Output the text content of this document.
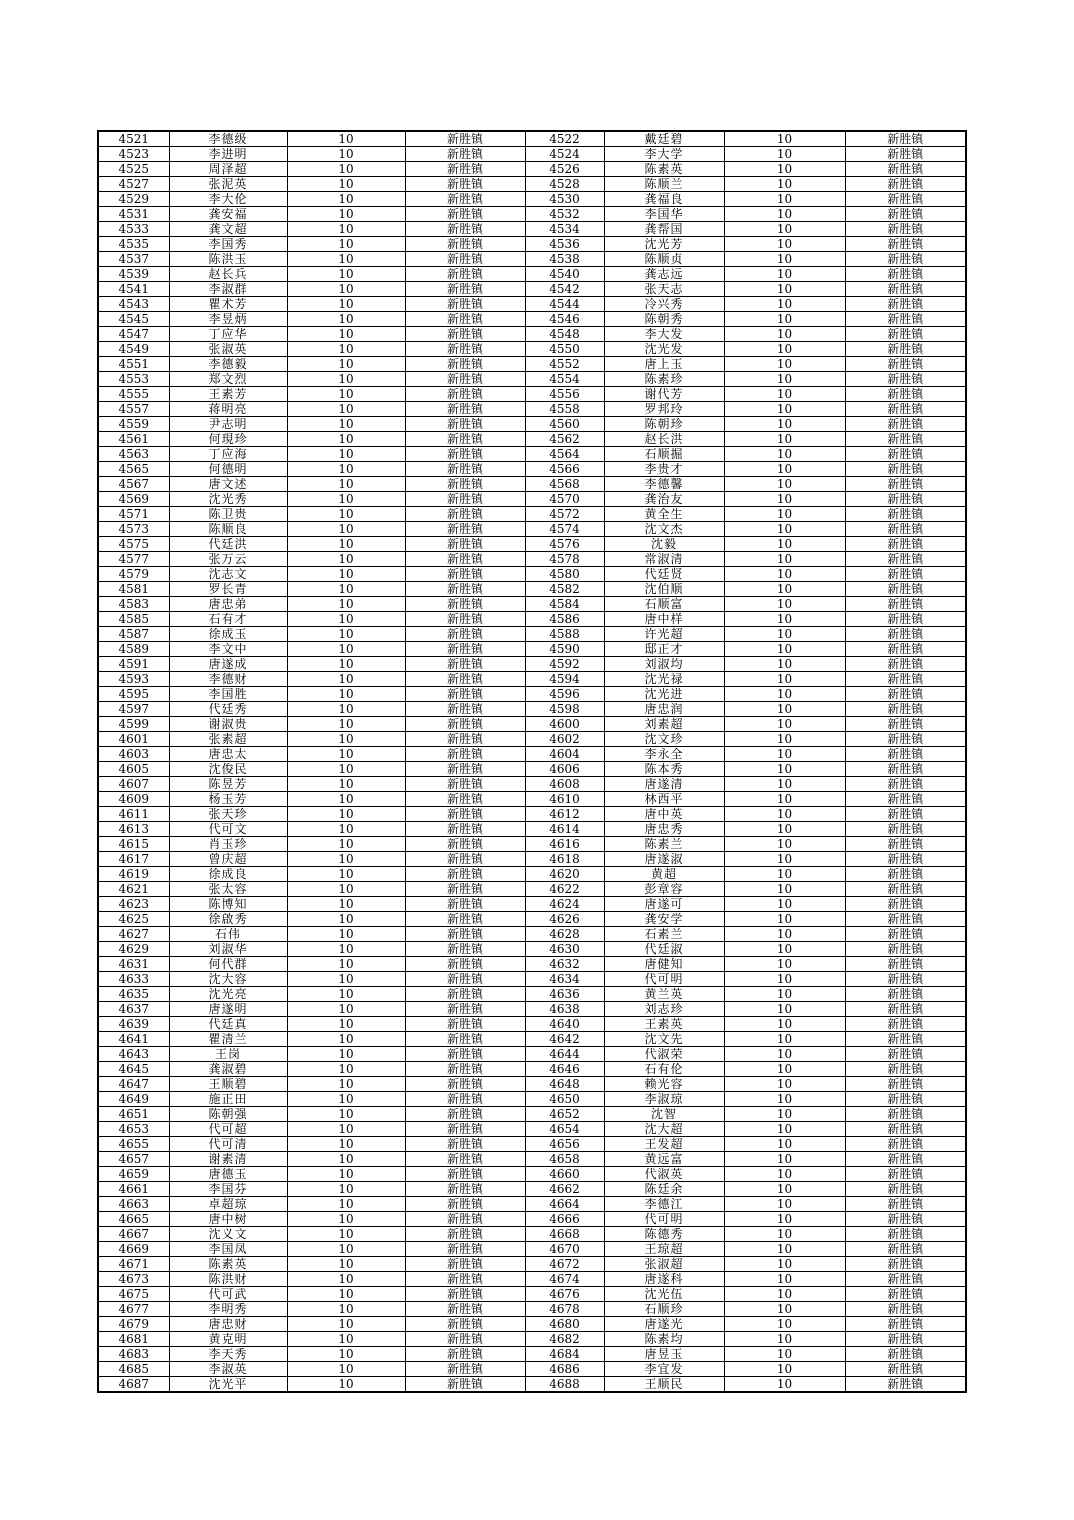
4521	李德级	10	新胜镇	4522	戴廷碧	10	新胜镇
4523	李进明	10	新胜镇	4524	李大学	10	新胜镇
4525	周泽超	10	新胜镇	4526	陈素英	10	新胜镇
4527	张泥英	10	新胜镇	4528	陈顺兰	10	新胜镇
4529	李大伦	10	新胜镇	4530	龚福良	10	新胜镇
4531	龚安福	10	新胜镇	4532	李国华	10	新胜镇
4533	龚文超	10	新胜镇	4534	龚帮国	10	新胜镇
4535	李国秀	10	新胜镇	4536	沈光芳	10	新胜镇
4537	陈洪玉	10	新胜镇	4538	陈顺贞	10	新胜镇
4539	赵长兵	10	新胜镇	4540	龚志远	10	新胜镇
4541	李淑群	10	新胜镇	4542	张天志	10	新胜镇
4543	瞿术芳	10	新胜镇	4544	冷兴秀	10	新胜镇
4545	李昱炳	10	新胜镇	4546	陈朝秀	10	新胜镇
4547	丁应华	10	新胜镇	4548	李大发	10	新胜镇
4549	张淑英	10	新胜镇	4550	沈光发	10	新胜镇
4551	李德毅	10	新胜镇	4552	唐上玉	10	新胜镇
4553	郑文烈	10	新胜镇	4554	陈素珍	10	新胜镇
4555	王素芳	10	新胜镇	4556	谢代芳	10	新胜镇
4557	蒋明亮	10	新胜镇	4558	罗邦玲	10	新胜镇
4559	尹志明	10	新胜镇	4560	陈朝珍	10	新胜镇
4561	何現珍	10	新胜镇	4562	赵长洪	10	新胜镇
4563	丁应海	10	新胜镇	4564	石顺掘	10	新胜镇
4565	何德明	10	新胜镇	4566	李贵才	10	新胜镇
4567	唐文述	10	新胜镇	4568	李德馨	10	新胜镇
4569	沈光秀	10	新胜镇	4570	龚治友	10	新胜镇
4571	陈卫贵	10	新胜镇	4572	黄全生	10	新胜镇
4573	陈顺良	10	新胜镇	4574	沈文杰	10	新胜镇
4575	代廷洪	10	新胜镇	4576	沈毅	10	新胜镇
4577	张万云	10	新胜镇	4578	常淑清	10	新胜镇
4579	沈志文	10	新胜镇	4580	代廷贤	10	新胜镇
4581	罗长青	10	新胜镇	4582	沈伯顺	10	新胜镇
4583	唐忠弟	10	新胜镇	4584	石顺富	10	新胜镇
4585	石有才	10	新胜镇	4586	唐中样	10	新胜镇
4587	徐成玉	10	新胜镇	4588	许光超	10	新胜镇
4589	李文中	10	新胜镇	4590	邸正才	10	新胜镇
4591	唐遂成	10	新胜镇	4592	刘淑均	10	新胜镇
4593	李德财	10	新胜镇	4594	沈光禄	10	新胜镇
4595	李国胜	10	新胜镇	4596	沈光进	10	新胜镇
4597	代廷秀	10	新胜镇	4598	唐忠润	10	新胜镇
4599	谢淑贵	10	新胜镇	4600	刘素超	10	新胜镇
4601	张素超	10	新胜镇	4602	沈文珍	10	新胜镇
4603	唐忠太	10	新胜镇	4604	李永全	10	新胜镇
4605	沈俊民	10	新胜镇	4606	陈本秀	10	新胜镇
4607	陈昱芳	10	新胜镇	4608	唐遂清	10	新胜镇
4609	杨玉芳	10	新胜镇	4610	林西平	10	新胜镇
4611	张天珍	10	新胜镇	4612	唐中英	10	新胜镇
4613	代可文	10	新胜镇	4614	唐忠秀	10	新胜镇
4615	肖玉珍	10	新胜镇	4616	陈素兰	10	新胜镇
4617	曾庆超	10	新胜镇	4618	唐遂淑	10	新胜镇
4619	徐成良	10	新胜镇	4620	黄超	10	新胜镇
4621	张太容	10	新胜镇	4622	彭章容	10	新胜镇
4623	陈博知	10	新胜镇	4624	唐遂可	10	新胜镇
4625	徐啟秀	10	新胜镇	4626	龚安学	10	新胜镇
4627	石伟	10	新胜镇	4628	石素兰	10	新胜镇
4629	刘淑华	10	新胜镇	4630	代廷淑	10	新胜镇
4631	何代群	10	新胜镇	4632	唐健知	10	新胜镇
4633	沈大容	10	新胜镇	4634	代可明	10	新胜镇
4635	沈光亮	10	新胜镇	4636	黄兰英	10	新胜镇
4637	唐遂明	10	新胜镇	4638	刘志珍	10	新胜镇
4639	代廷真	10	新胜镇	4640	王素英	10	新胜镇
4641	瞿清兰	10	新胜镇	4642	沈文先	10	新胜镇
4643	王岗	10	新胜镇	4644	代淑荣	10	新胜镇
4645	龚淑碧	10	新胜镇	4646	石有伦	10	新胜镇
4647	王顺碧	10	新胜镇	4648	赖光容	10	新胜镇
4649	施正田	10	新胜镇	4650	李淑琼	10	新胜镇
4651	陈朝强	10	新胜镇	4652	沈智	10	新胜镇
4653	代可超	10	新胜镇	4654	沈大超	10	新胜镇
4655	代可清	10	新胜镇	4656	王发超	10	新胜镇
4657	谢素清	10	新胜镇	4658	黄远富	10	新胜镇
4659	唐德玉	10	新胜镇	4660	代淑英	10	新胜镇
4661	李国芬	10	新胜镇	4662	陈廷余	10	新胜镇
4663	卓超琼	10	新胜镇	4664	李德江	10	新胜镇
4665	唐中树	10	新胜镇	4666	代可明	10	新胜镇
4667	沈义文	10	新胜镇	4668	陈德秀	10	新胜镇
4669	李国凤	10	新胜镇	4670	王琼超	10	新胜镇
4671	陈素英	10	新胜镇	4672	张淑超	10	新胜镇
4673	陈洪财	10	新胜镇	4674	唐遂科	10	新胜镇
4675	代可武	10	新胜镇	4676	沈光伍	10	新胜镇
4677	李明秀	10	新胜镇	4678	石顺珍	10	新胜镇
4679	唐忠财	10	新胜镇	4680	唐遂光	10	新胜镇
4681	黄克明	10	新胜镇	4682	陈素均	10	新胜镇
4683	李天秀	10	新胜镇	4684	唐昱玉	10	新胜镇
4685	李淑英	10	新胜镇	4686	李宜发	10	新胜镇
4687	沈光平	10	新胜镇	4688	王顺民	10	新胜镇
